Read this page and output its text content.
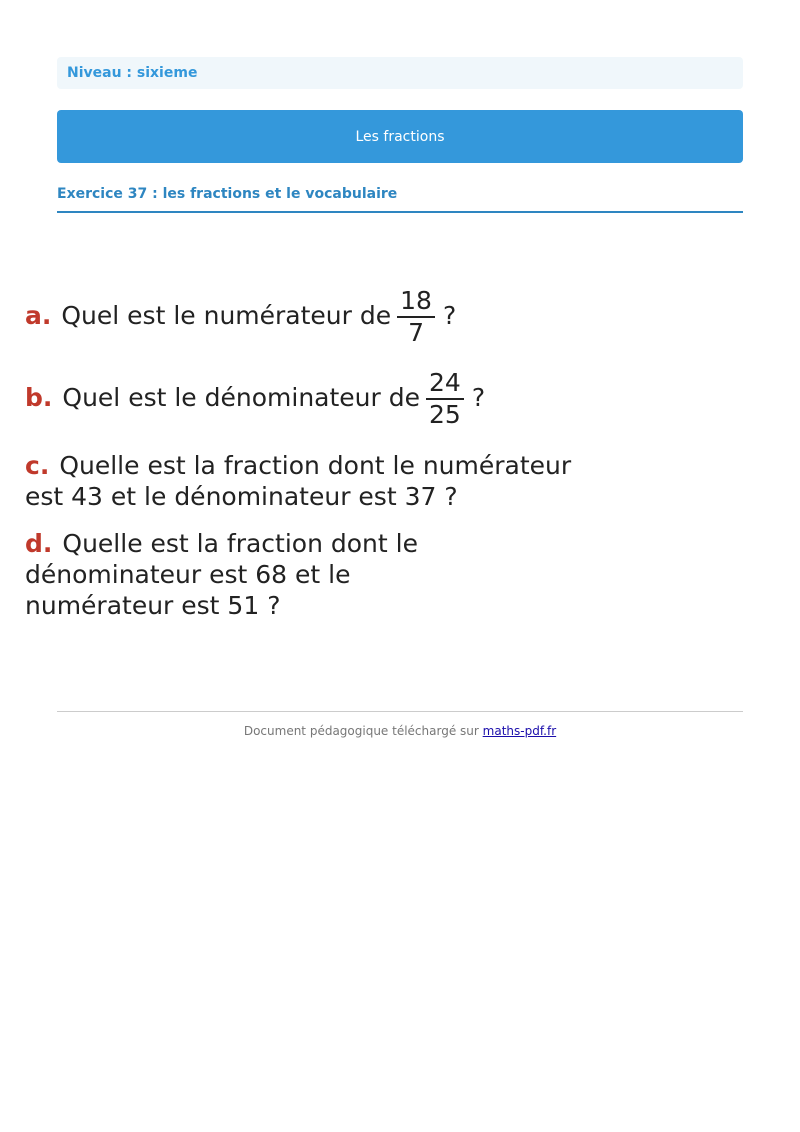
Niveau : sixieme
Les fractions
Exercice 37 : les fractions et le vocabulaire
a. Quel est le numérateur de $\frac{18}{7}$ ?
b. Quel est le dénominateur de $\frac{24}{25}$ ?
c. Quelle est la fraction dont le numérateur
est 43 et le dénominateur est 37 ?
d. Quelle est la fraction dont le
dénominateur est 68 et le
numérateur est 51 ?
Document pédagogique téléchargé sur maths-pdf.fr
